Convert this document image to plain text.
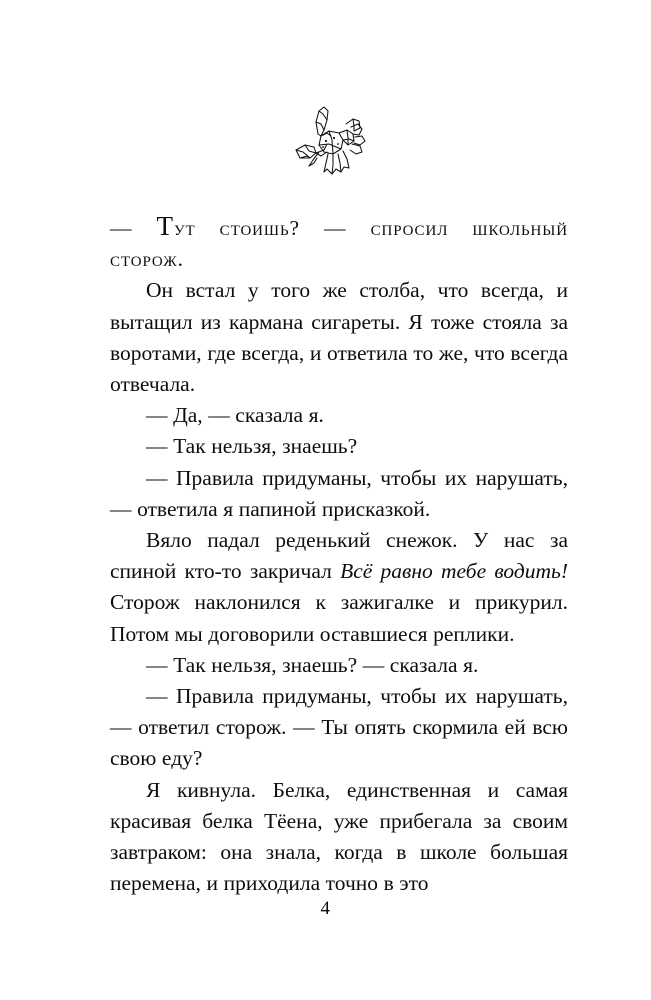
— Тут стоишь? — спросил школьный сторож.

Он встал у того же столба, что всегда, и вытащил из кармана сигареты. Я тоже стояла за воротами, где всегда, и ответила то же, что всегда отвечала.

— Да, — сказала я.

— Так нельзя, знаешь?

— Правила придуманы, чтобы их нарушать, — ответила я папиной присказкой.

Вяло падал реденький снежок. У нас за спиной кто-то закричал Всё равно тебе водить! Сторож наклонился к зажигалке и прикурил. Потом мы договорили оставшиеся реплики.

— Так нельзя, знаешь? — сказала я.

— Правила придуманы, чтобы их нарушать, — ответил сторож. — Ты опять скормила ей всю свою еду?

Я кивнула. Белка, единственная и самая красивая белка Тёена, уже прибегала за своим завтраком: она знала, когда в школе большая перемена, и приходила точно в это

4
